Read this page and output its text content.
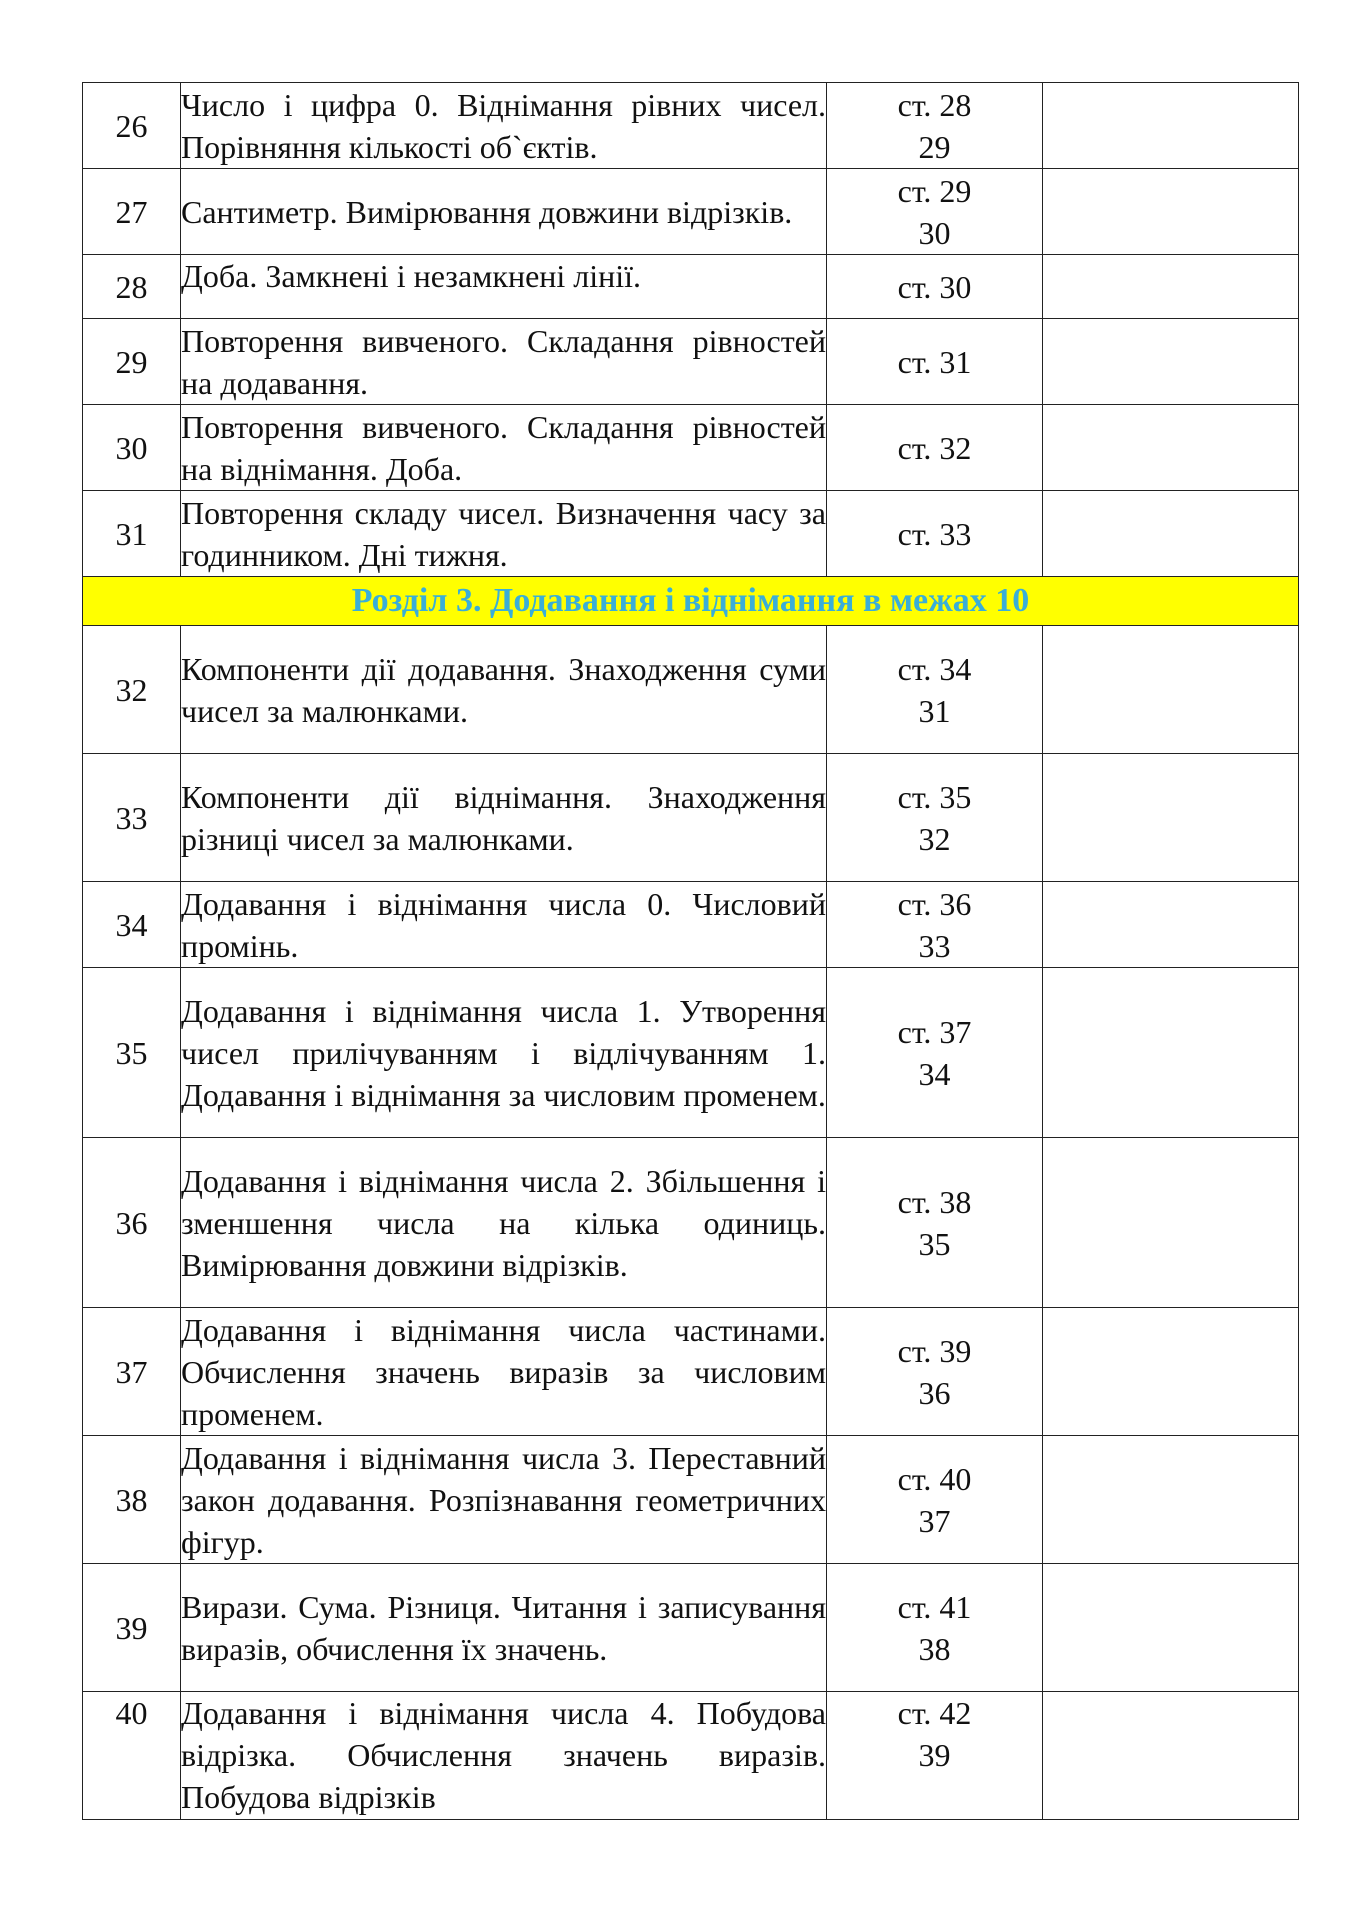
26	Число і цифра 0. Віднімання рівних чисел. Порівняння кількості об`єктів.	ст. 28
29	

27	Сантиметр. Вимірювання довжини відрізків.	ст. 29
30	

28	Доба. Замкнені і незамкнені лінії.	ст. 30	

29	Повторення вивченого. Складання рівностей на додавання.	ст. 31	

30	Повторення вивченого. Складання рівностей на віднімання. Доба.	ст. 32	

31	Повторення складу чисел. Визначення часу за годинником. Дні тижня.	ст. 33	

Розділ 3. Додавання і віднімання в межах 10			
32	Компоненти дії додавання. Знаходження суми чисел за малюнками.	ст. 34
31	

33	Компоненти дії віднімання. Знаходження різниці чисел за малюнками.	ст. 35
32	

34	Додавання і віднімання числа 0. Числовий промінь.	ст. 36
33	

35	Додавання і віднімання числа 1. Утворення чисел прилічуванням і відлічуванням 1. Додавання і віднімання за числовим променем.	ст. 37
34	

36	Додавання і віднімання числа 2. Збільшення і зменшення числа на кілька одиниць. Вимірювання довжини відрізків.	ст. 38
35	

37	Додавання і віднімання числа частинами. Обчислення значень виразів за числовим променем.	ст. 39
36	

38	Додавання і віднімання числа 3. Переставний закон додавання. Розпізнавання геометричних фігур.	ст. 40
37	

39	Вирази. Сума. Різниця. Читання і записування виразів, обчислення їх значень.	ст. 41
38	

40	Додавання і віднімання числа 4. Побудова відрізка. Обчислення значень виразів. Побудова відрізків	ст. 42
39	
